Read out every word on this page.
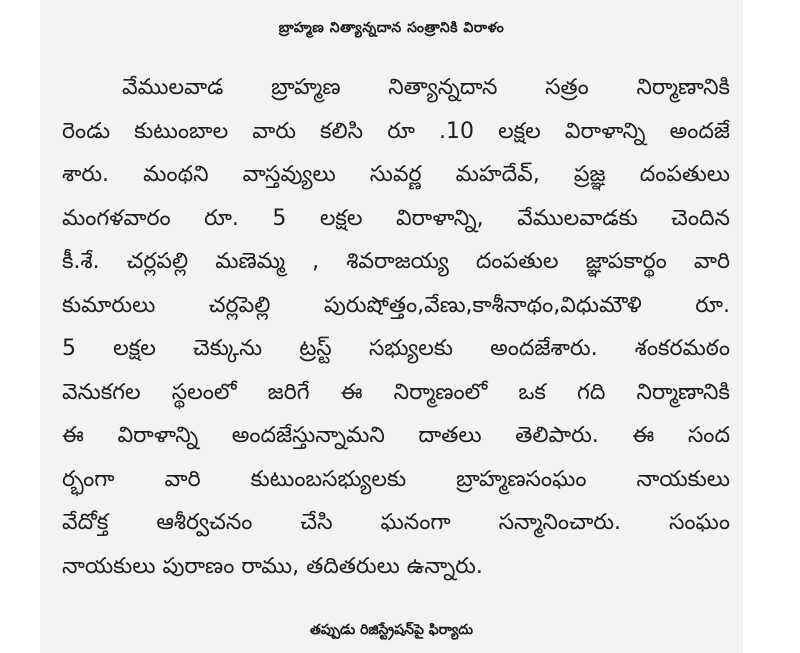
బ్రాహ్మణ నిత్యాన్నదాన సంత్రానికి విరాళం
వేములవాడ బ్రాహ్మణ నిత్యాన్నదాన సత్రం నిర్మాణానికి
రెండు కుటుంబాల వారు కలిసి రూ .10 లక్షల విరాళాన్ని అందజే
శారు. మంథని వాస్తవ్యులు సువర్ణ మహదేవ్, ప్రజ్ఞ దంపతులు
మంగళవారం రూ. 5 లక్షల విరాళాన్ని, వేములవాడకు చెందిన
కీ.శే. చర్లపల్లి మణెమ్మ , శివరాజయ్య దంపతుల జ్ఞాపకార్థం వారి
కుమారులు చర్లపెల్లి పురుషోత్తం,వేణు,కాశీనాథం,విధుమౌళి రూ.
5 లక్షల చెక్కును ట్రస్ట్ సభ్యులకు అందజేశారు. శంకరమఠం
వెనుకగల స్థలంలో జరిగే ఈ నిర్మాణంలో ఒక గది నిర్మాణానికి
ఈ విరాళాన్ని అందజేస్తున్నామని దాతలు తెలిపారు. ఈ సంద
ర్భంగా వారి కుటుంబసభ్యులకు బ్రాహ్మణసంఘం నాయకులు
వేదోక్త ఆశీర్వచనం చేసి ఘనంగా సన్మానించారు. సంఘం
నాయకులు పురాణం రాము, తదితరులు ఉన్నారు.
తప్పుడు రిజిస్ట్రేషన్‌పై ఫిర్యాదు
